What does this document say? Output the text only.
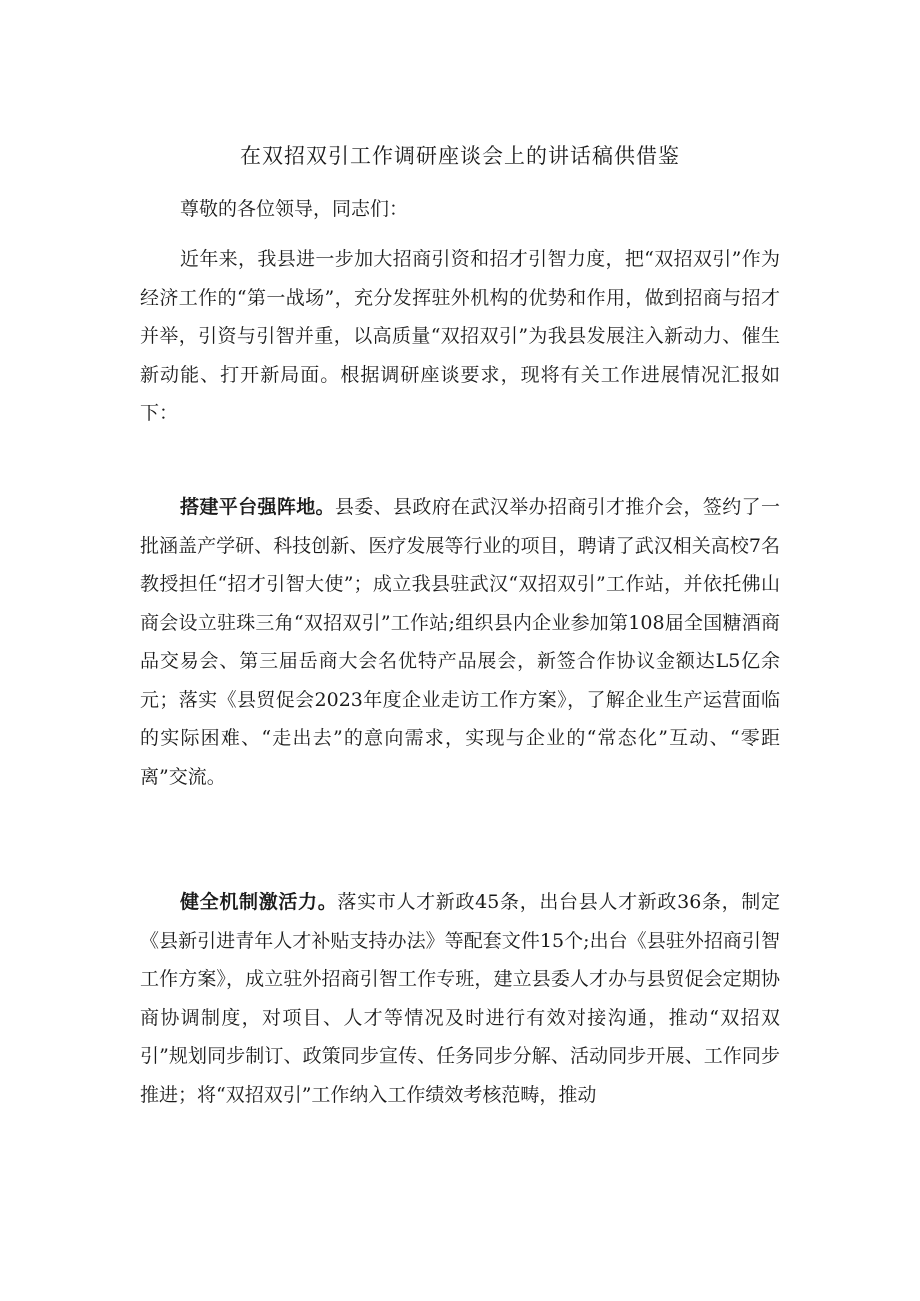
在双招双引工作调研座谈会上的讲话稿供借鉴

尊敬的各位领导，同志们：

近年来，我县进一步加大招商引资和招才引智力度，把“双招双引”作为经济工作的“第一战场”，充分发挥驻外机构的优势和作用，做到招商与招才并举，引资与引智并重，以高质量“双招双引”为我县发展注入新动力、催生新动能、打开新局面。根据调研座谈要求，现将有关工作进展情况汇报如下：

搭建平台强阵地。县委、县政府在武汉举办招商引才推介会，签约了一批涵盖产学研、科技创新、医疗发展等行业的项目，聘请了武汉相关高校7名教授担任“招才引智大使”；成立我县驻武汉“双招双引”工作站，并依托佛山商会设立驻珠三角“双招双引”工作站;组织县内企业参加第108届全国糖酒商品交易会、第三届岳商大会名优特产品展会，新签合作协议金额达L5亿余元；落实《县贸促会2023年度企业走访工作方案》，了解企业生产运营面临的实际困难、“走出去”的意向需求，实现与企业的“常态化”互动、“零距离”交流。

健全机制激活力。落实市人才新政45条，出台县人才新政36条，制定《县新引进青年人才补贴支持办法》等配套文件15个;出台《县驻外招商引智工作方案》，成立驻外招商引智工作专班，建立县委人才办与县贸促会定期协商协调制度，对项目、人才等情况及时进行有效对接沟通，推动“双招双引”规划同步制订、政策同步宣传、任务同步分解、活动同步开展、工作同步推进；将“双招双引”工作纳入工作绩效考核范畴，推动
